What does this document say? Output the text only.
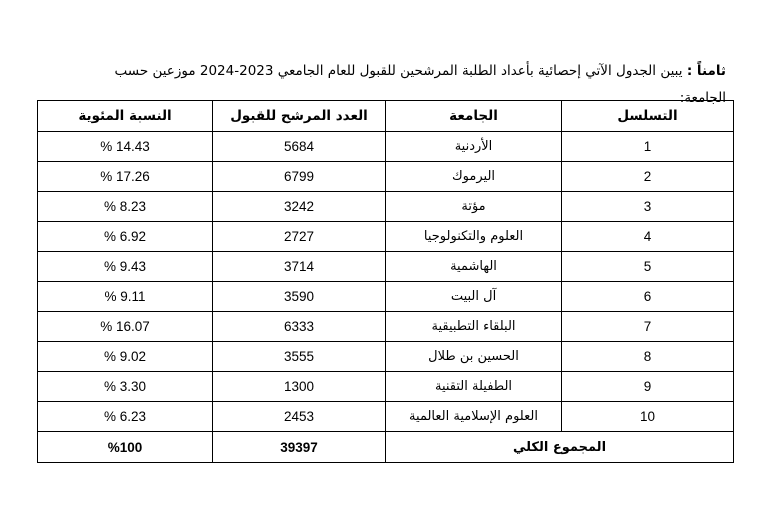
ثامناً : يبين الجدول الآتي إحصائية بأعداد الطلبة المرشحين للقبول للعام الجامعي 2023-2024 موزعين حسب الجامعة:

التسلسل	الجامعة	العدد المرشح للقبول	النسبة المئوية
1	الأردنية	5684	% 14.43
2	اليرموك	6799	% 17.26
3	مؤتة	3242	% 8.23
4	العلوم والتكنولوجيا	2727	% 6.92
5	الهاشمية	3714	% 9.43
6	آل البيت	3590	% 9.11
7	البلقاء التطبيقية	6333	% 16.07
8	الحسين بن طلال	3555	% 9.02
9	الطفيلة التقنية	1300	% 3.30
10	العلوم الإسلامية العالمية	2453	% 6.23
المجموع الكلي		39397	%100
